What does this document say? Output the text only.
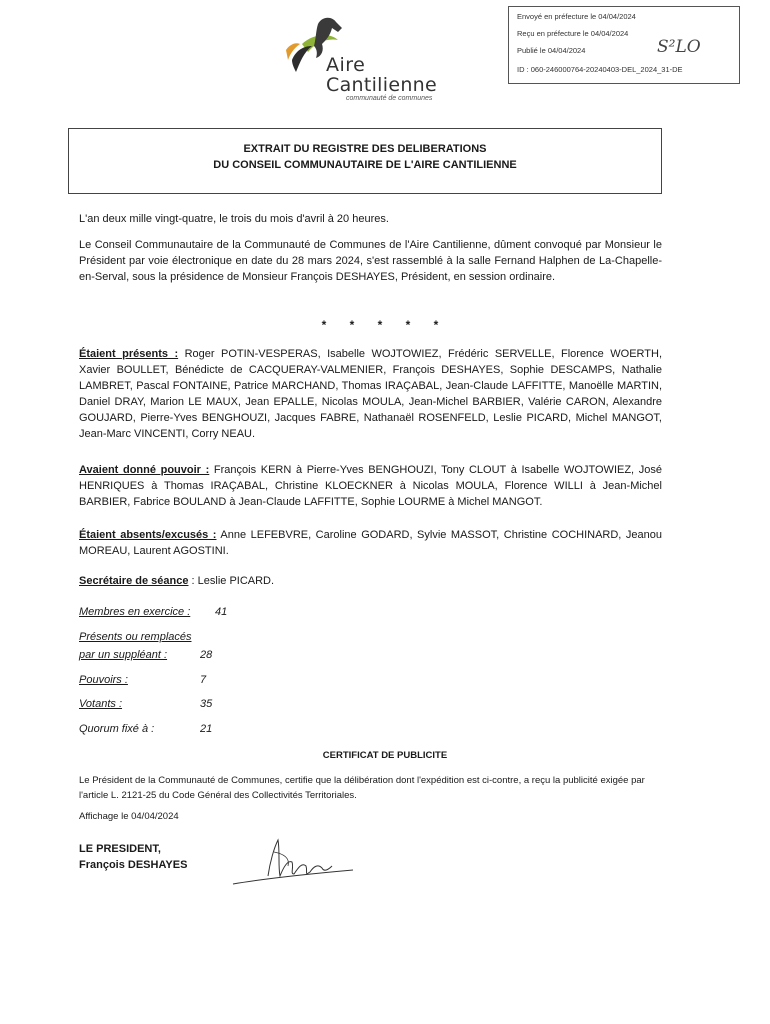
Aire
Cantilienne
communauté de communes
Envoyé en préfecture le 04/04/2024
Reçu en préfecture le 04/04/2024
Publié le 04/04/2024
ID : 060-246000764-20240403-DEL_2024_31-DE
S²LO
EXTRAIT DU REGISTRE DES DELIBERATIONS
DU CONSEIL COMMUNAUTAIRE DE L'AIRE CANTILIENNE
L'an deux mille vingt-quatre, le trois du mois d'avril à 20 heures.
Le Conseil Communautaire de la Communauté de Communes de l'Aire Cantilienne, dûment convoqué par Monsieur le Président par voie électronique en date du 28 mars 2024, s'est rassemblé à la salle Fernand Halphen de La-Chapelle-en-Serval, sous la présidence de Monsieur François DESHAYES, Président, en session ordinaire.
* * * * *
Étaient présents : Roger POTIN-VESPERAS, Isabelle WOJTOWIEZ, Frédéric SERVELLE, Florence WOERTH, Xavier BOULLET, Bénédicte de CACQUERAY-VALMENIER, François DESHAYES, Sophie DESCAMPS, Nathalie LAMBRET, Pascal FONTAINE, Patrice MARCHAND, Thomas IRAÇABAL, Jean-Claude LAFFITTE, Manoëlle MARTIN, Daniel DRAY, Marion LE MAUX, Jean EPALLE, Nicolas MOULA, Jean-Michel BARBIER, Valérie CARON, Alexandre GOUJARD, Pierre-Yves BENGHOUZI, Jacques FABRE, Nathanaël ROSENFELD, Leslie PICARD, Michel MANGOT, Jean-Marc VINCENTI, Corry NEAU.
Avaient donné pouvoir : François KERN à Pierre-Yves BENGHOUZI, Tony CLOUT à Isabelle WOJTOWIEZ, José HENRIQUES à Thomas IRAÇABAL, Christine KLOECKNER à Nicolas MOULA, Florence WILLI à Jean-Michel BARBIER, Fabrice BOULAND à Jean-Claude LAFFITTE, Sophie LOURME à Michel MANGOT.
Étaient absents/excusés : Anne LEFEBVRE, Caroline GODARD, Sylvie MASSOT, Christine COCHINARD, Jeanou MOREAU, Laurent AGOSTINI.
Secrétaire de séance : Leslie PICARD.
Membres en exercice : 41
Présents ou remplacés
par un suppléant :	28
Pouvoirs :	7
Votants :	35
Quorum fixé à :	21
CERTIFICAT DE PUBLICITE
Le Président de la Communauté de Communes, certifie que la délibération dont l'expédition est ci-contre, a reçu la publicité exigée par l'article L. 2121-25 du Code Général des Collectivités Territoriales.
Affichage le 04/04/2024
LE PRESIDENT,
François DESHAYES
